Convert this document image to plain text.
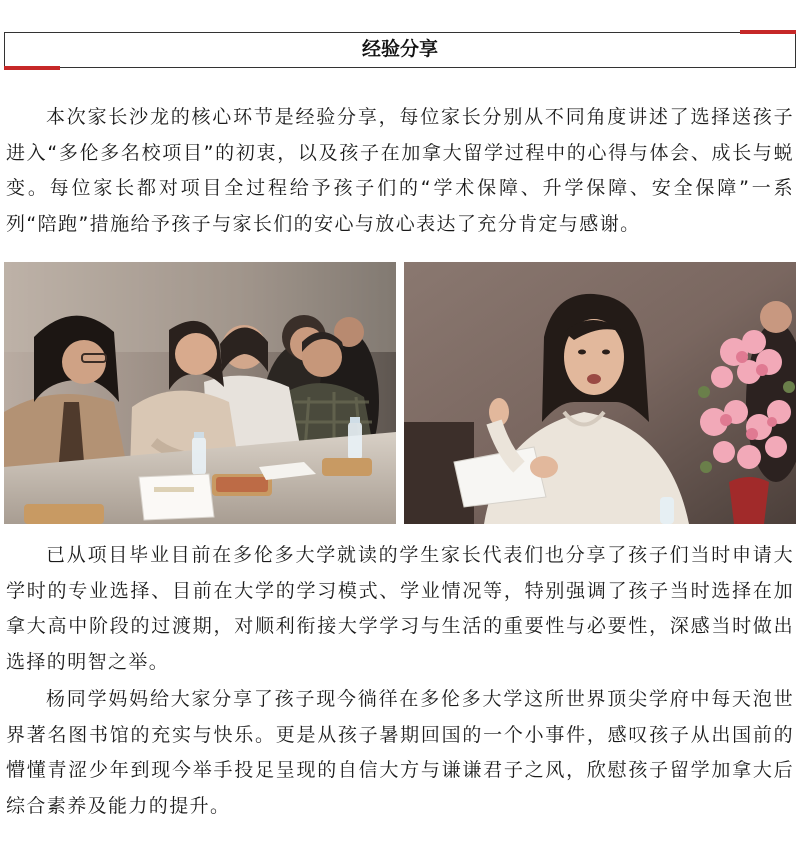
经验分享

本次家长沙龙的核心环节是经验分享，每位家长分别从不同角度讲述了选择送孩子进入“多伦多名校项目”的初衷，以及孩子在加拿大留学过程中的心得与体会、成长与蜕变。每位家长都对项目全过程给予孩子们的“学术保障、升学保障、安全保障”一系列“陪跑”措施给予孩子与家长们的安心与放心表达了充分肯定与感谢。

已从项目毕业目前在多伦多大学就读的学生家长代表们也分享了孩子们当时申请大学时的专业选择、目前在大学的学习模式、学业情况等，特别强调了孩子当时选择在加拿大高中阶段的过渡期，对顺利衔接大学学习与生活的重要性与必要性，深感当时做出选择的明智之举。

杨同学妈妈给大家分享了孩子现今徜徉在多伦多大学这所世界顶尖学府中每天泡世界著名图书馆的充实与快乐。更是从孩子暑期回国的一个小事件，感叹孩子从出国前的懵懂青涩少年到现今举手投足呈现的自信大方与谦谦君子之风，欣慰孩子留学加拿大后综合素养及能力的提升。
